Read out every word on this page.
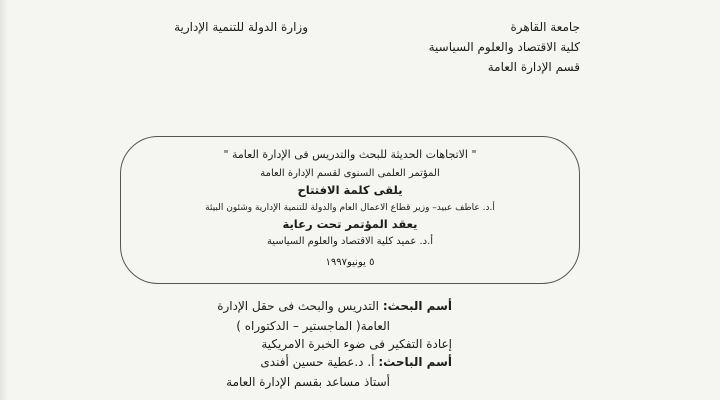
جامعة القاهرة
كلية الاقتصاد والعلوم السياسية
قسم الإدارة العامة
وزارة الدولة للتنمية الإدارية
" الاتجاهات الحديثة للبحث والتدريس فى الإدارة العامة "
المؤتمر العلمى السنوى لقسم الإدارة العامة
يلقى كلمة الافتتاح
أ.د. عاطف عبيد– وزير قطاع الاعمال العام والدولة للتنمية الإدارية وشئون البيئة
يعقد المؤتمر تحت رعاية
أ.د. عميد كلية الاقتصاد والعلوم السياسية
٥ يونيو١٩٩٧
أسم البحث: التدريس والبحث فى حقل الإدارة
العامة( الماجستير – الدكتوراه )
إعادة التفكير فى ضوء الخبرة الامريكية
أسم الباحث: أ. د.عطية حسين أفندى
أستاذ مساعد بقسم الإدارة العامة
